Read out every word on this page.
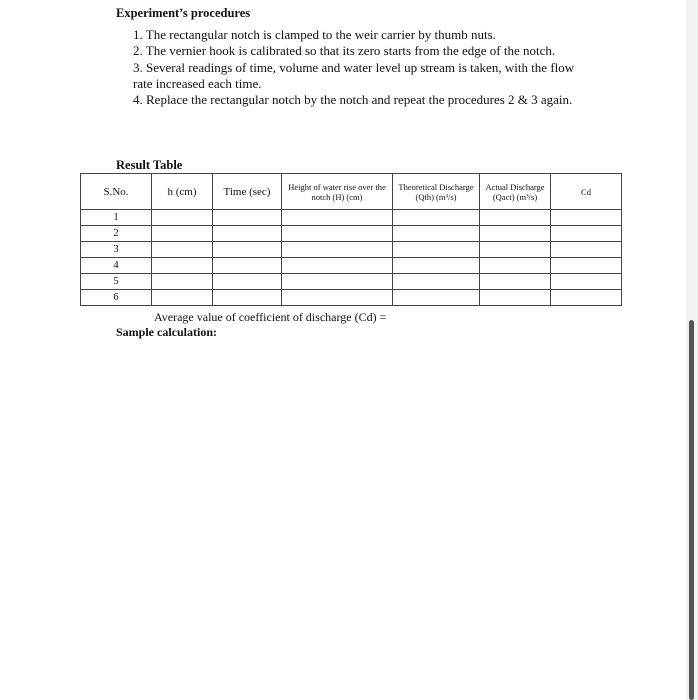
Experiment’s procedures
1. The rectangular notch is clamped to the weir carrier by thumb nuts.
2. The vernier hook is calibrated so that its zero starts from the edge of the notch.
3. Several readings of time, volume and water level up stream is taken, with the flow rate increased each time.
4. Replace the rectangular notch by the notch and repeat the procedures 2 & 3 again.
Result Table
S.No.	h (cm)	Time (sec)	Height of water rise over the notch (H) (cm)	Theoretical Discharge (Qth) (m³/s)	Actual Discharge (Qact) (m³/s)	Cd
1						
2						
3						
4						
5						
6						
Average value of coefficient of discharge (Cd) =
Sample calculation:
